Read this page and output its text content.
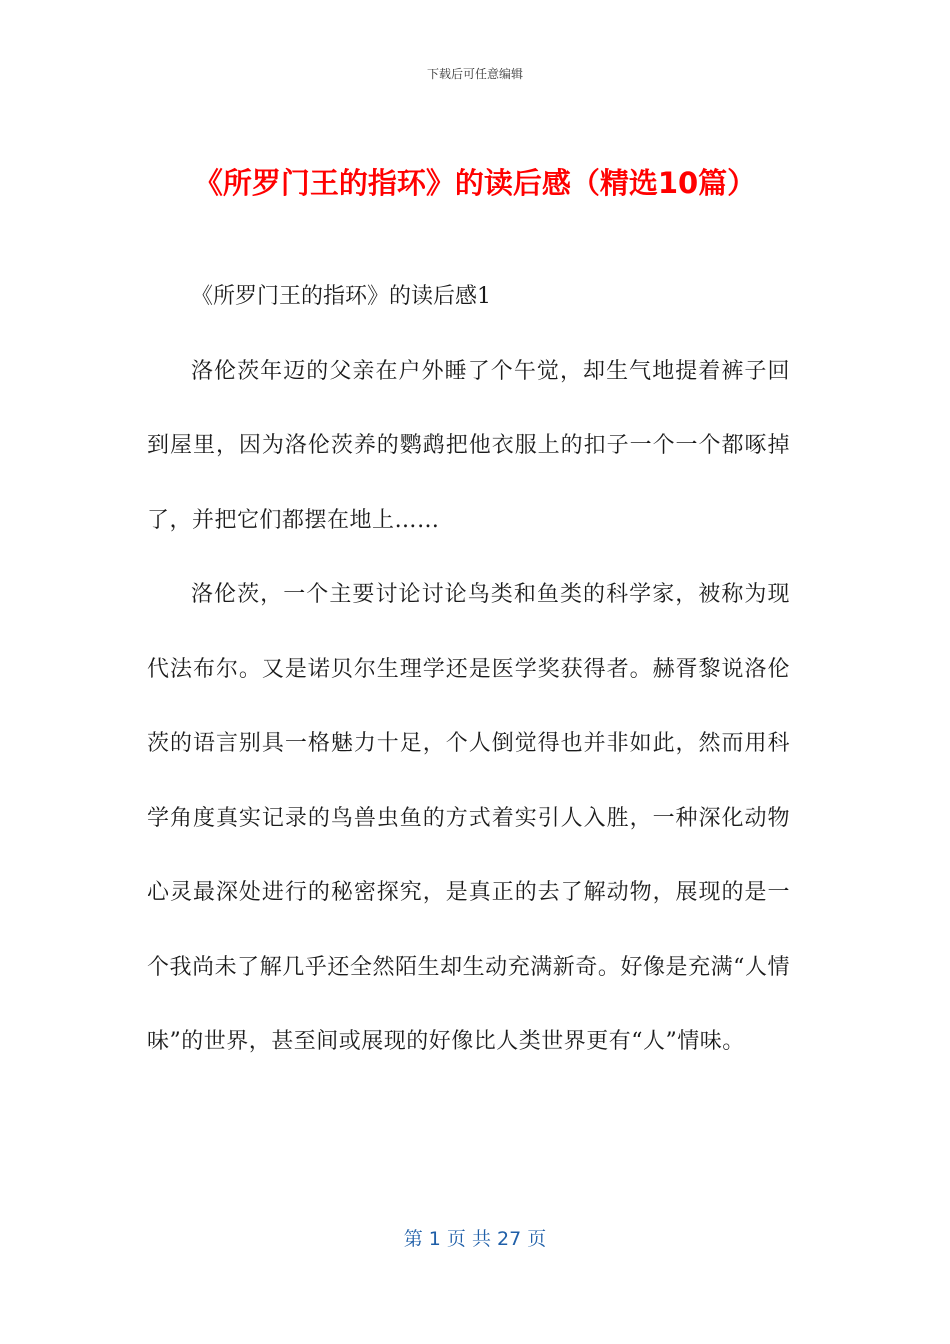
下载后可任意编辑
《所罗门王的指环》的读后感（精选10篇）

《所罗门王的指环》的读后感1

洛伦茨年迈的父亲在户外睡了个午觉，却生气地提着裤子回到屋里，因为洛伦茨养的鹦鹉把他衣服上的扣子一个一个都啄掉了，并把它们都摆在地上……

洛伦茨，一个主要讨论讨论鸟类和鱼类的科学家，被称为现代法布尔。又是诺贝尔生理学还是医学奖获得者。赫胥黎说洛伦茨的语言别具一格魅力十足，个人倒觉得也并非如此，然而用科学角度真实记录的鸟兽虫鱼的方式着实引人入胜，一种深化动物心灵最深处进行的秘密探究，是真正的去了解动物，展现的是一个我尚未了解几乎还全然陌生却生动充满新奇。好像是充满“人情味”的世界，甚至间或展现的好像比人类世界更有“人”情味。

第 1 页 共 27 页
